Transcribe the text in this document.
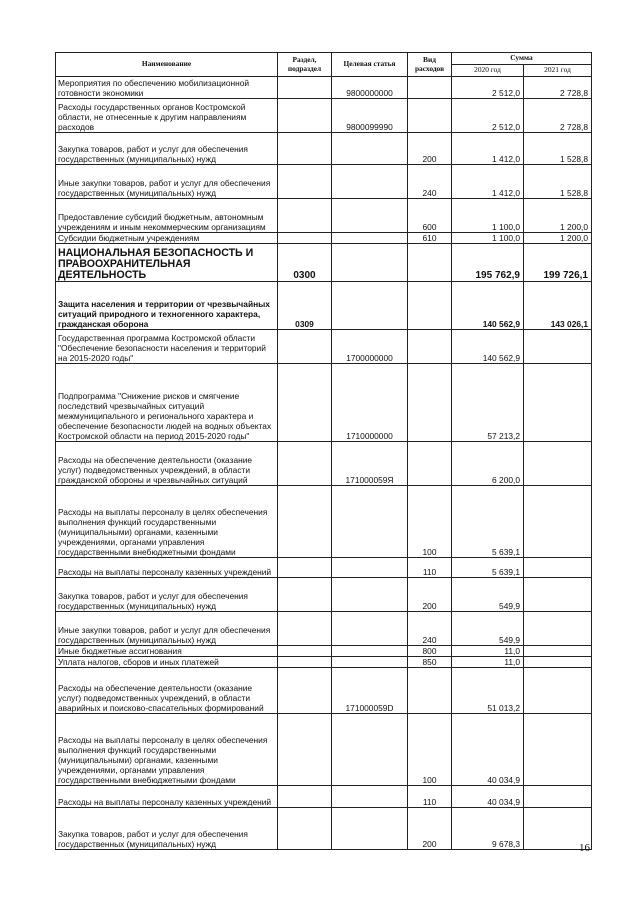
Наименование	Раздел, подраздел	Целевая статья	Вид расходов	Сумма	
				2020 год	2021 год
Мероприятия по обеспечению мобилизационной готовности экономики		9800000000		2 512,0	2 728,8
Расходы государственных органов Костромской области, не отнесенные к другим направлениям расходов		9800099990		2 512,0	2 728,8
Закупка товаров, работ и услуг для обеспечения государственных (муниципальных) нужд			200	1 412,0	1 528,8
Иные закупки товаров, работ и услуг для обеспечения государственных (муниципальных) нужд			240	1 412,0	1 528,8
Предоставление субсидий бюджетным, автономным учреждениям и иным некоммерческим организациям			600	1 100,0	1 200,0
Субсидии бюджетным учреждениям			610	1 100,0	1 200,0
НАЦИОНАЛЬНАЯ БЕЗОПАСНОСТЬ И ПРАВООХРАНИТЕЛЬНАЯ ДЕЯТЕЛЬНОСТЬ	0300			195 762,9	199 726,1
Защита населения и территории от чрезвычайных ситуаций природного и техногенного характера, гражданская оборона	0309			140 562,9	143 026,1
Государственная программа Костромской области "Обеспечение безопасности населения и территорий на 2015-2020 годы"		1700000000		140 562,9	
Подпрограмма "Снижение рисков и смягчение последствий чрезвычайных ситуаций межмуниципального и регионального характера и обеспечение безопасности людей на водных объектах Костромской области на период 2015-2020 годы"		1710000000		57 213,2	
Расходы на обеспечение деятельности (оказание услуг) подведомственных учреждений, в области гражданской обороны и чрезвычайных ситуаций		171000059Я		6 200,0	
Расходы на выплаты персоналу в целях обеспечения выполнения функций государственными (муниципальными) органами, казенными учреждениями, органами управления государственными внебюджетными фондами			100	5 639,1	
Расходы на выплаты персоналу казенных учреждений			110	5 639,1	
Закупка товаров, работ и услуг для обеспечения государственных (муниципальных) нужд			200	549,9	
Иные закупки товаров, работ и услуг для обеспечения государственных (муниципальных) нужд			240	549,9	
Иные бюджетные ассигнования			800	11,0	
Уплата налогов, сборов и иных платежей			850	11,0	
Расходы на обеспечение деятельности (оказание услуг) подведомственных учреждений, в области аварийных и поисково-спасательных формирований		171000059D		51 013,2	
Расходы на выплаты персоналу в целях обеспечения выполнения функций государственными (муниципальными) органами, казенными учреждениями, органами управления государственными внебюджетными фондами			100	40 034,9	
Расходы на выплаты персоналу казенных учреждений			110	40 034,9	
Закупка товаров, работ и услуг для обеспечения государственных (муниципальных) нужд			200	9 678,3		16
